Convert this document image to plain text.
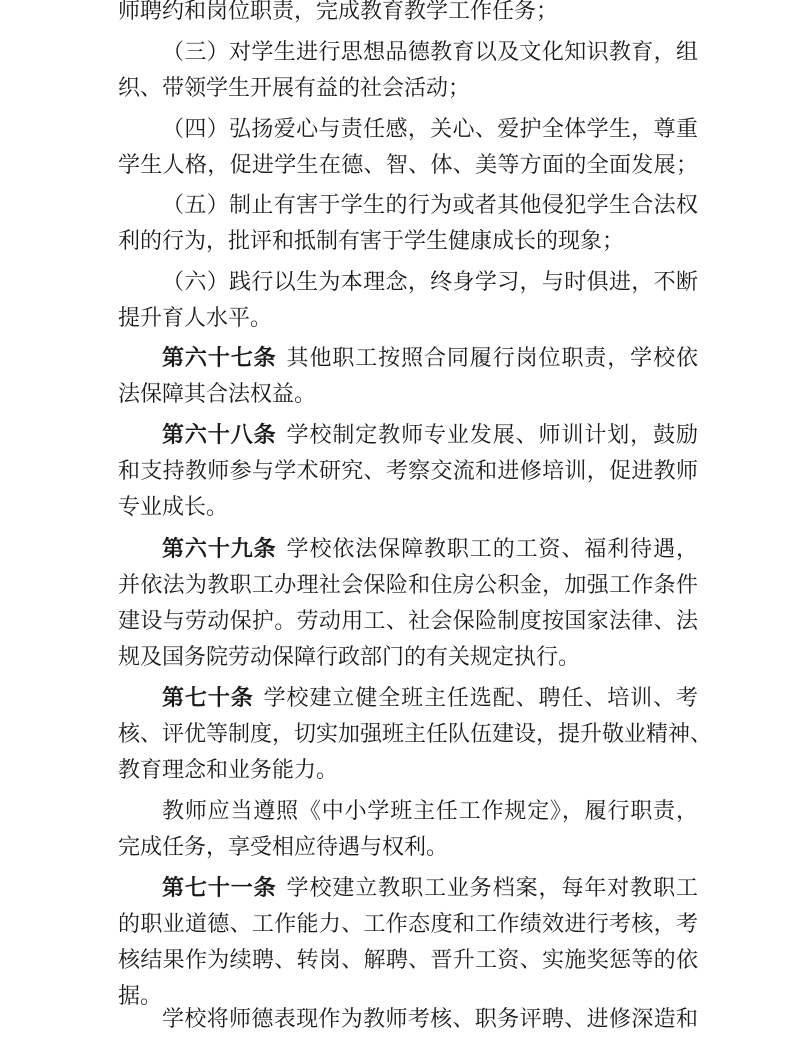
师聘约和岗位职责，完成教育教学工作任务；
（三）对学生进行思想品德教育以及文化知识教育，组
织、带领学生开展有益的社会活动；
（四）弘扬爱心与责任感，关心、爱护全体学生，尊重
学生人格，促进学生在德、智、体、美等方面的全面发展；
（五）制止有害于学生的行为或者其他侵犯学生合法权
利的行为，批评和抵制有害于学生健康成长的现象；
（六）践行以生为本理念，终身学习，与时俱进，不断
提升育人水平。
第六十七条 其他职工按照合同履行岗位职责，学校依
法保障其合法权益。
第六十八条 学校制定教师专业发展、师训计划，鼓励
和支持教师参与学术研究、考察交流和进修培训，促进教师
专业成长。
第六十九条 学校依法保障教职工的工资、福利待遇，
并依法为教职工办理社会保险和住房公积金，加强工作条件
建设与劳动保护。劳动用工、社会保险制度按国家法律、法
规及国务院劳动保障行政部门的有关规定执行。
第七十条 学校建立健全班主任选配、聘任、培训、考
核、评优等制度，切实加强班主任队伍建设，提升敬业精神、
教育理念和业务能力。
教师应当遵照《中小学班主任工作规定》，履行职责，
完成任务，享受相应待遇与权利。
第七十一条 学校建立教职工业务档案，每年对教职工
的职业道德、工作能力、工作态度和工作绩效进行考核，考
核结果作为续聘、转岗、解聘、晋升工资、实施奖惩等的依
据。
学校将师德表现作为教师考核、职务评聘、进修深造和
